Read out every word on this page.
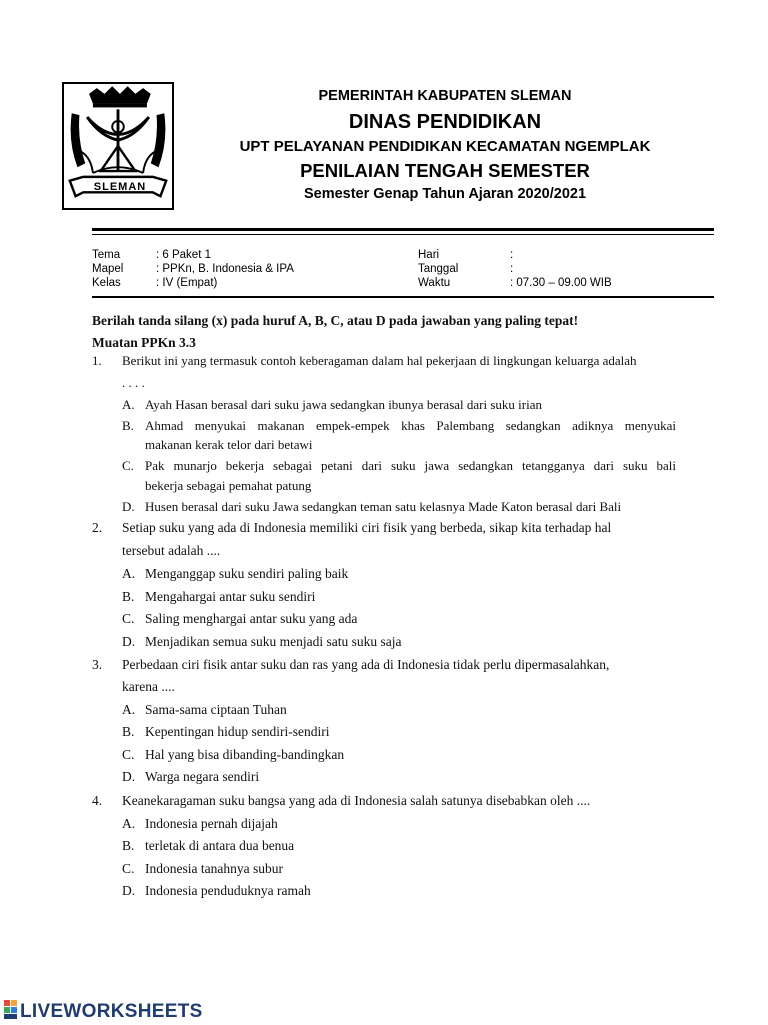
SLEMAN
PEMERINTAH KABUPATEN SLEMAN
DINAS PENDIDIKAN
UPT PELAYANAN PENDIDIKAN KECAMATAN NGEMPLAK
PENILAIAN TENGAH SEMESTER
Semester Genap Tahun Ajaran 2020/2021
Tema	: 6 Paket 1
Mapel	: PPKn, B. Indonesia & IPA
Kelas	: IV (Empat)
Hari	:
Tanggal	:
Waktu	: 07.30 – 09.00 WIB
Berilah tanda silang (x) pada huruf A, B, C, atau D pada jawaban yang paling tepat!
Muatan PPKn 3.3
1. Berikut ini yang termasuk contoh keberagaman dalam hal pekerjaan di lingkungan keluarga adalah
. . . .
A. Ayah Hasan berasal dari suku jawa sedangkan ibunya berasal dari suku irian
B. Ahmad menyukai makanan empek-empek khas Palembang sedangkan adiknya menyukai
makanan kerak telor dari betawi
C. Pak munarjo bekerja sebagai petani dari suku jawa sedangkan tetangganya dari suku bali
bekerja sebagai pemahat patung
D. Husen berasal dari suku Jawa sedangkan teman satu kelasnya Made Katon berasal dari Bali
2. Setiap suku yang ada di Indonesia memiliki ciri fisik yang berbeda, sikap kita terhadap hal
tersebut adalah ....
A. Menganggap suku sendiri paling baik
B. Mengahargai antar suku sendiri
C. Saling menghargai antar suku yang ada
D. Menjadikan semua suku menjadi satu suku saja
3. Perbedaan ciri fisik antar suku dan ras yang ada di Indonesia tidak perlu dipermasalahkan,
karena ....
A. Sama-sama ciptaan Tuhan
B. Kepentingan hidup sendiri-sendiri
C. Hal yang bisa dibanding-bandingkan
D. Warga negara sendiri
4. Keanekaragaman suku bangsa yang ada di Indonesia salah satunya disebabkan oleh ....
A. Indonesia pernah dijajah
B. terletak di antara dua benua
C. Indonesia tanahnya subur
D. Indonesia penduduknya ramah
LIVEWORKSHEETS
